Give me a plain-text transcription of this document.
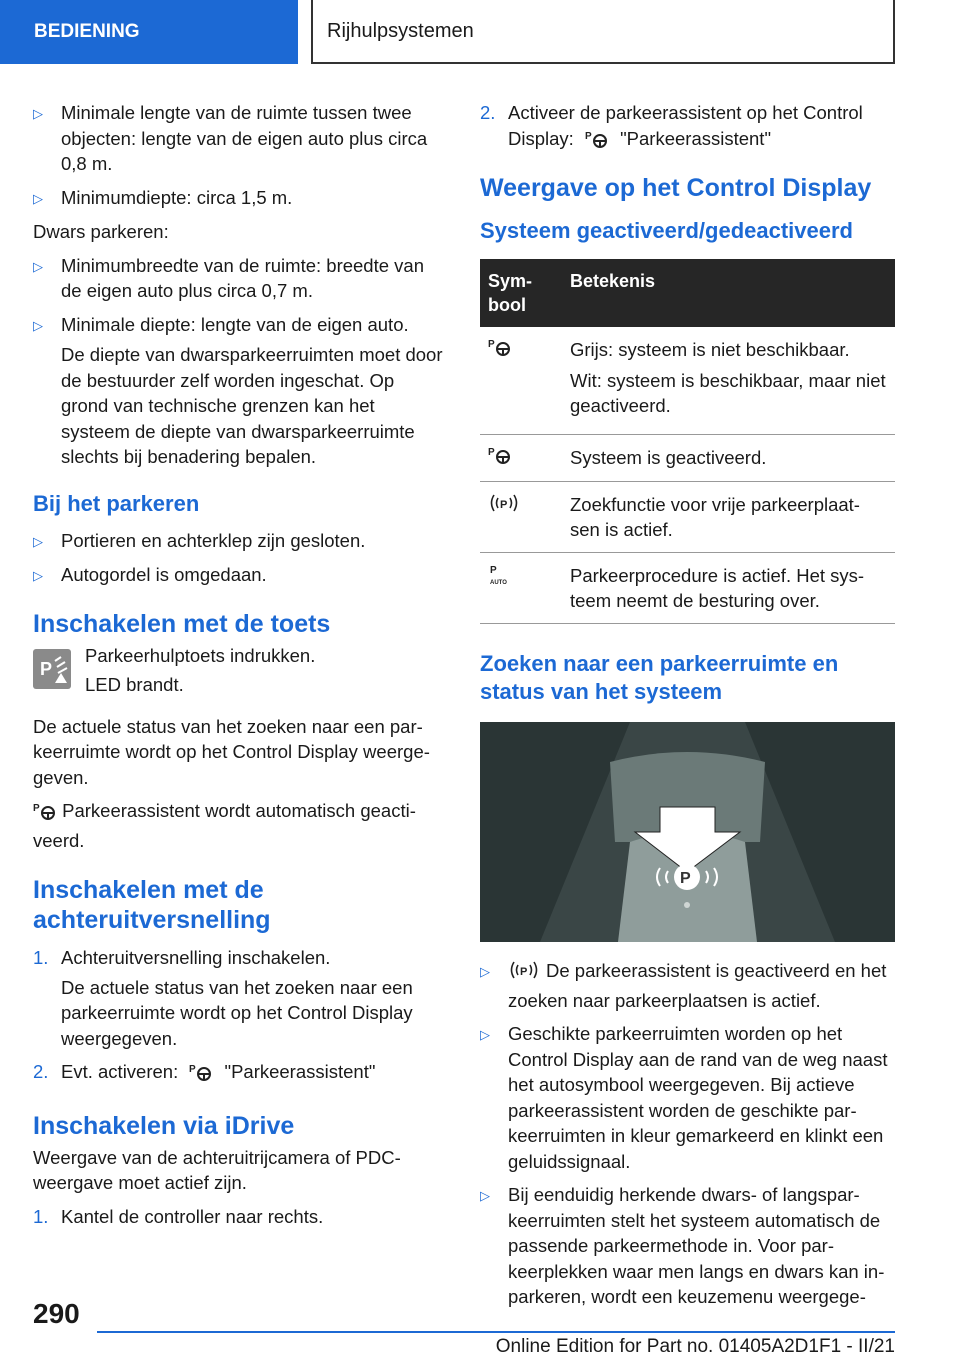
BEDIENING	Rijhulpsystemen
▷ Minimale lengte van de ruimte tussen twee objecten: lengte van de eigen auto plus circa 0,8 m.
▷ Minimumdiepte: circa 1,5 m.

Dwars parkeren:

▷ Minimumbreedte van de ruimte: breedte van de eigen auto plus circa 0,7 m.
▷ Minimale diepte: lengte van de eigen auto.
De diepte van dwarsparkeerruimten moet door de bestuurder zelf worden ingeschat. Op grond van technische grenzen kan het systeem de diepte van dwarsparkeerruimte slechts bij benadering bepalen.
Bij het parkeren
▷ Portieren en achterklep zijn gesloten.
▷ Autogordel is omgedaan.
Inschakelen met de toets
P
Parkeerhulptoets indrukken.
LED brandt.

De actuele status van het zoeken naar een par-keerruimte wordt op het Control Display weerge-geven.

P Parkeerassistent wordt automatisch geacti-veerd.

Inschakelen met de achteruitversnelling
1. Achteruitversnelling inschakelen.
De actuele status van het zoeken naar een parkeerruimte wordt op het Control Display weergegeven.
2. Evt. activeren: P "Parkeerassistent"
Inschakelen via iDrive

Weergave van de achteruitrijcamera of PDC-weergave moet actief zijn.

1. Kantel de controller naar rechts.
2. Activeer de parkeerassistent op het Control Display: P "Parkeerassistent"
Weergave op het Control Display
Systeem geactiveerd/gedeactiveerd
Sym-bool	Betekenis

P	Grijs: systeem is niet beschikbaar.

Wit: systeem is beschikbaar, maar niet geactiveerd.

P	Systeem is geactiveerd.

P	Zoekfunctie voor vrije parkeerplaat-sen is actief.

P
AUTO	Parkeerprocedure is actief. Het sys-teem neemt de besturing over.
Zoeken naar een parkeerruimte en status van het systeem
P
▷	P De parkeerassistent is geactiveerd en het zoeken naar parkeerplaatsen is actief.
▷ Geschikte parkeerruimten worden op het Control Display aan de rand van de weg naast het autosymbool weergegeven. Bij actieve parkeerassistent worden de geschikte par-keerruimten in kleur gemarkeerd en klinkt een geluidssignaal.
▷ Bij eenduidig herkende dwars- of langspar-keerruimten stelt het systeem automatisch de passende parkeermethode in. Voor par-keerplekken waar men langs en dwars kan in-parkeren, wordt een keuzemenu weergege-
290
Online Edition for Part no. 01405A2D1F1 - II/21
